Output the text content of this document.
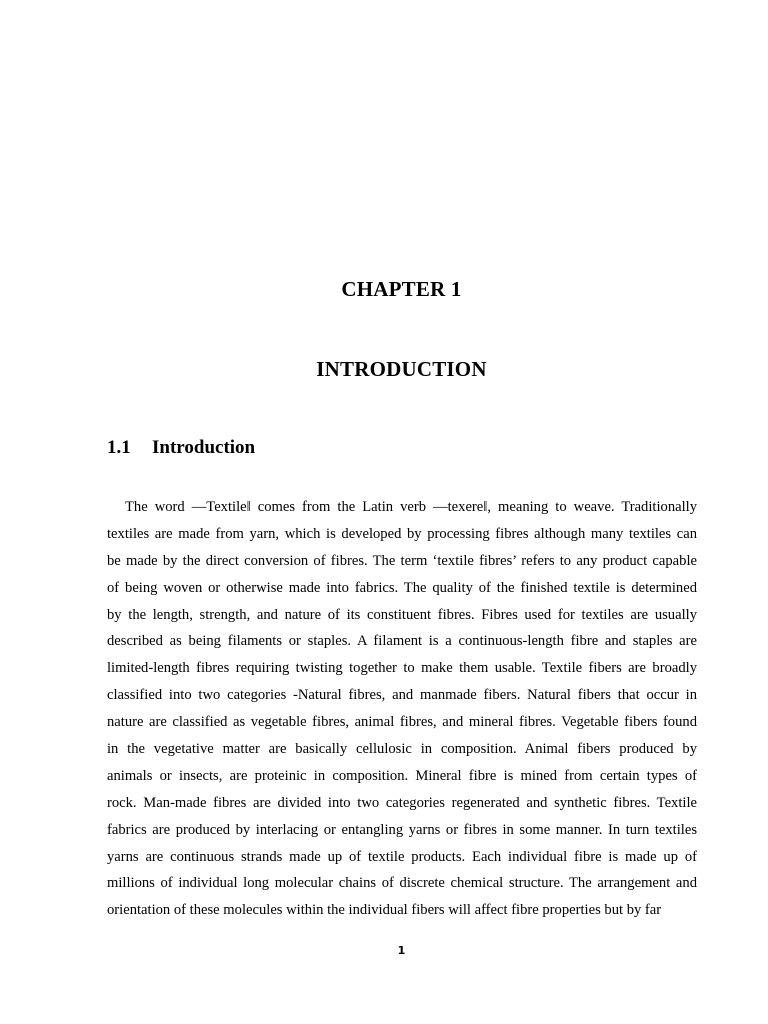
CHAPTER 1
INTRODUCTION
1.1 Introduction
The word —Textile‖ comes from the Latin verb —texere‖, meaning to weave. Traditionally
textiles are made from yarn, which is developed by processing fibres although many textiles can
be made by the direct conversion of fibres. The term ‘textile fibres’ refers to any product capable
of being woven or otherwise made into fabrics. The quality of the finished textile is determined
by the length, strength, and nature of its constituent fibres. Fibres used for textiles are usually
described as being filaments or staples. A filament is a continuous-length fibre and staples are
limited-length fibres requiring twisting together to make them usable. Textile fibers are broadly
classified into two categories -Natural fibres, and manmade fibers. Natural fibers that occur in
nature are classified as vegetable fibres, animal fibres, and mineral fibres. Vegetable fibers found
in the vegetative matter are basically cellulosic in composition. Animal fibers produced by
animals or insects, are proteinic in composition. Mineral fibre is mined from certain types of
rock. Man-made fibres are divided into two categories regenerated and synthetic fibres. Textile
fabrics are produced by interlacing or entangling yarns or fibres in some manner. In turn textiles
yarns are continuous strands made up of textile products. Each individual fibre is made up of
millions of individual long molecular chains of discrete chemical structure. The arrangement and
orientation of these molecules within the individual fibers will affect fibre properties but by far
1
